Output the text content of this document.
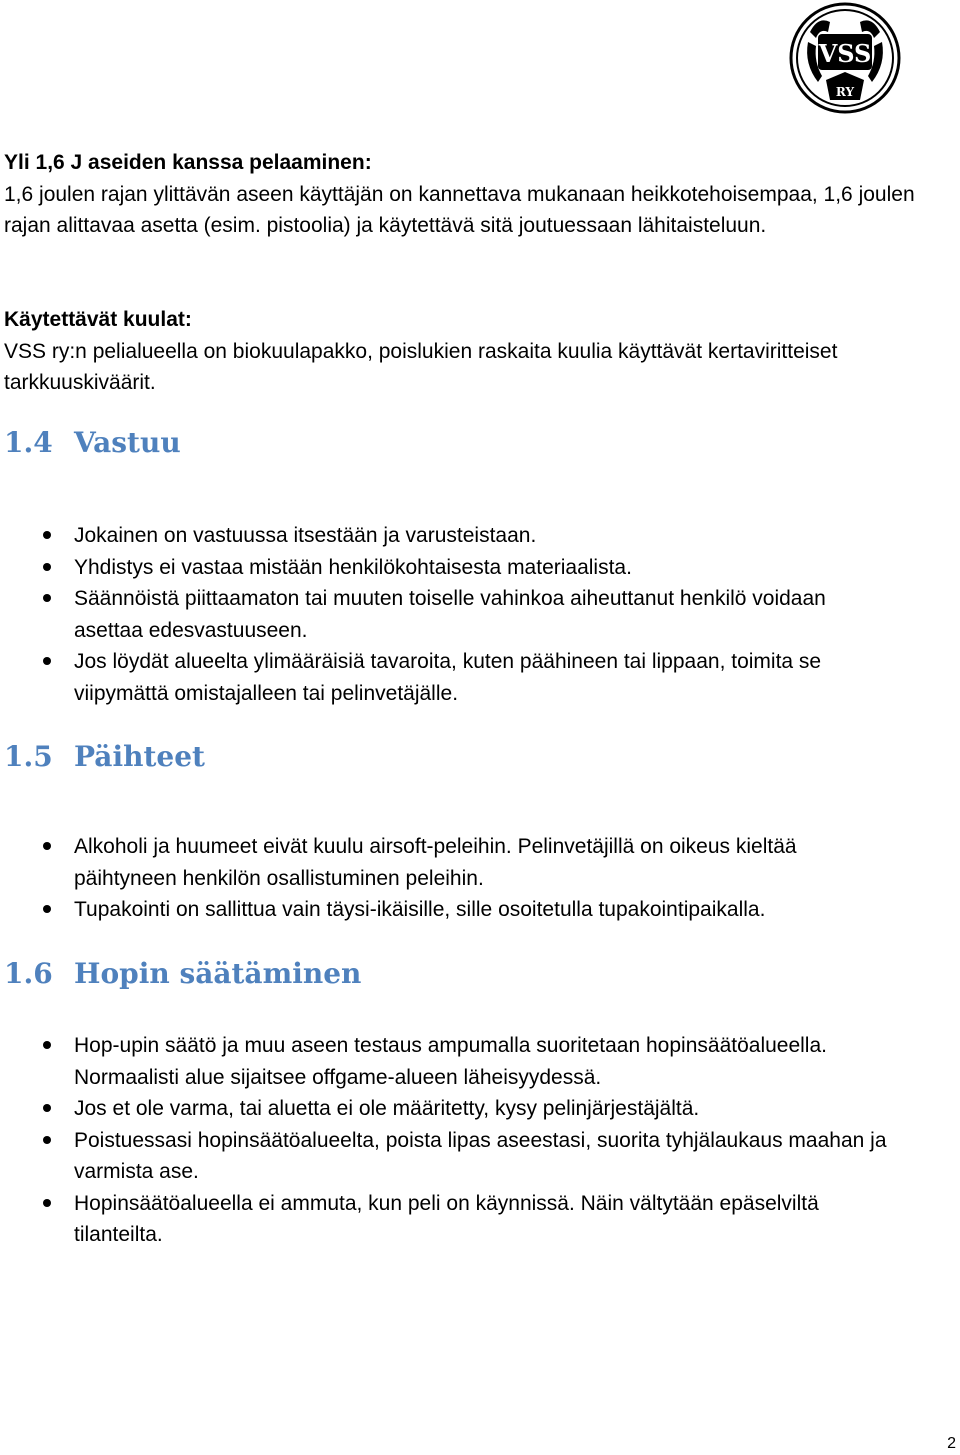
VSS
RY
Yli 1,6 J aseiden kanssa pelaaminen:
1,6 joulen rajan ylittävän aseen käyttäjän on kannettava mukanaan heikkotehoisempaa, 1,6 joulen rajan alittavaa asetta (esim. pistoolia) ja käytettävä sitä joutuessaan lähitaisteluun.
Käytettävät kuulat:
VSS ry:n pelialueella on biokuulapakko, poislukien raskaita kuulia käyttävät kertaviritteiset tarkkuuskiväärit.
1.4 Vastuu
Jokainen on vastuussa itsestään ja varusteistaan.
Yhdistys ei vastaa mistään henkilökohtaisesta materiaalista.
Säännöistä piittaamaton tai muuten toiselle vahinkoa aiheuttanut henkilö voidaan asettaa edesvastuuseen.
Jos löydät alueelta ylimääräisiä tavaroita, kuten päähineen tai lippaan, toimita se viipymättä omistajalleen tai pelinvetäjälle.
1.5 Päihteet
Alkoholi ja huumeet eivät kuulu airsoft-peleihin. Pelinvetäjillä on oikeus kieltää päihtyneen henkilön osallistuminen peleihin.
Tupakointi on sallittua vain täysi-ikäisille, sille osoitetulla tupakointipaikalla.
1.6 Hopin säätäminen
Hop-upin säätö ja muu aseen testaus ampumalla suoritetaan hopinsäätöalueella. Normaalisti alue sijaitsee offgame-alueen läheisyydessä.
Jos et ole varma, tai aluetta ei ole määritetty, kysy pelinjärjestäjältä.
Poistuessasi hopinsäätöalueelta, poista lipas aseestasi, suorita tyhjälaukaus maahan ja varmista ase.
Hopinsäätöalueella ei ammuta, kun peli on käynnissä. Näin vältytään epäselviltä tilanteilta.
2
